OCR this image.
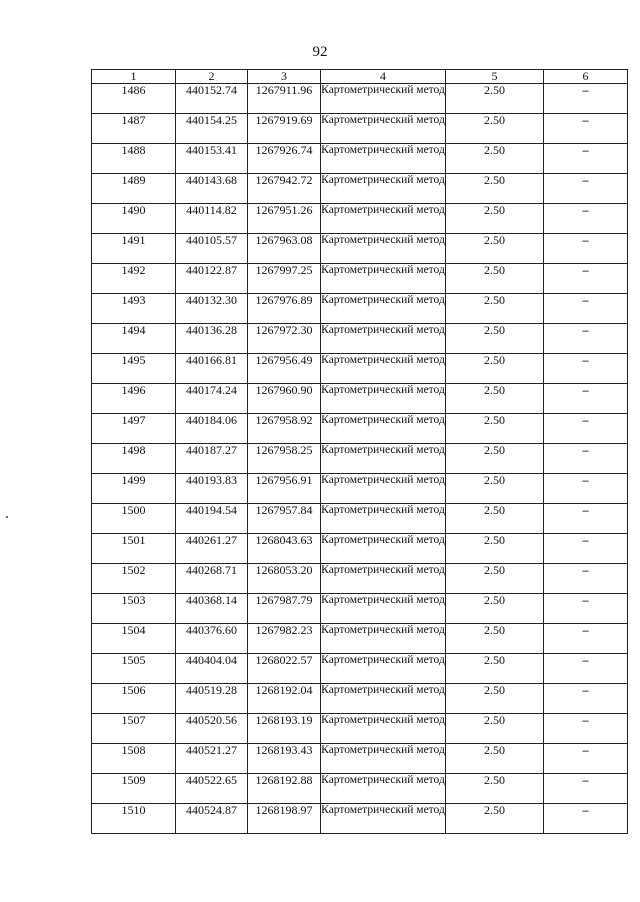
92
1	2	3	4	5	6
1486	440152.74	1267911.96	Картометрический метод	2.50	–
1487	440154.25	1267919.69	Картометрический метод	2.50	–
1488	440153.41	1267926.74	Картометрический метод	2.50	–
1489	440143.68	1267942.72	Картометрический метод	2.50	–
1490	440114.82	1267951.26	Картометрический метод	2.50	–
1491	440105.57	1267963.08	Картометрический метод	2.50	–
1492	440122.87	1267997.25	Картометрический метод	2.50	–
1493	440132.30	1267976.89	Картометрический метод	2.50	–
1494	440136.28	1267972.30	Картометрический метод	2.50	–
1495	440166.81	1267956.49	Картометрический метод	2.50	–
1496	440174.24	1267960.90	Картометрический метод	2.50	–
1497	440184.06	1267958.92	Картометрический метод	2.50	–
1498	440187.27	1267958.25	Картометрический метод	2.50	–
1499	440193.83	1267956.91	Картометрический метод	2.50	–
1500	440194.54	1267957.84	Картометрический метод	2.50	–
1501	440261.27	1268043.63	Картометрический метод	2.50	–
1502	440268.71	1268053.20	Картометрический метод	2.50	–
1503	440368.14	1267987.79	Картометрический метод	2.50	–
1504	440376.60	1267982.23	Картометрический метод	2.50	–
1505	440404.04	1268022.57	Картометрический метод	2.50	–
1506	440519.28	1268192.04	Картометрический метод	2.50	–
1507	440520.56	1268193.19	Картометрический метод	2.50	–
1508	440521.27	1268193.43	Картометрический метод	2.50	–
1509	440522.65	1268192.88	Картометрический метод	2.50	–
1510	440524.87	1268198.97	Картометрический метод	2.50	–
